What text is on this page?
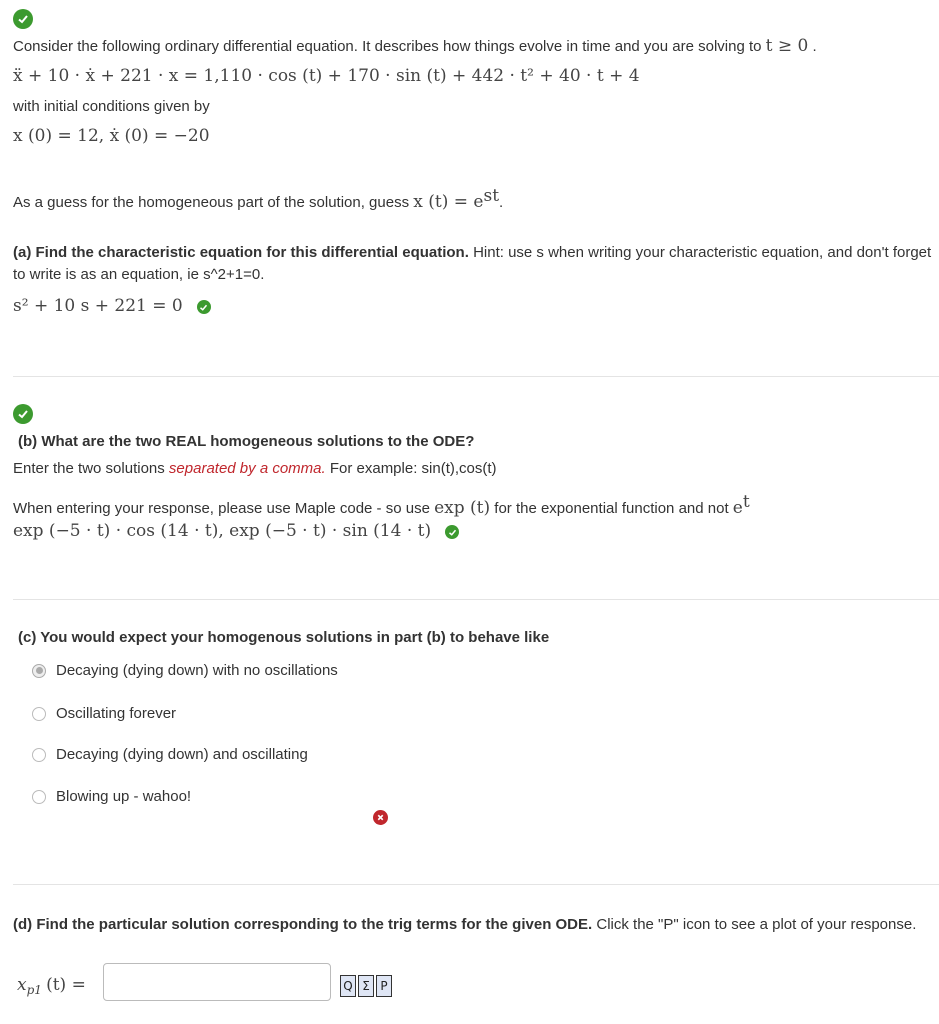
Consider the following ordinary differential equation. It describes how things evolve in time and you are solving to t ≥ 0 .
ẍ + 10 · ẋ + 221 · x = 1,110 · cos (t) + 170 · sin (t) + 442 · t² + 40 · t + 4
with initial conditions given by
x (0) = 12, ẋ (0) = −20
As a guess for the homogeneous part of the solution, guess x $(t) = e^{st}$.
(a) Find the characteristic equation for this differential equation. Hint: use s when writing your characteristic equation, and don't forget to write is as an equation, ie s^2+1=0.
s² + 10 s + 221 = 0
(b) What are the two REAL homogeneous solutions to the ODE?
Enter the two solutions separated by a comma. For example: sin(t),cos(t)
When entering your response, please use Maple code - so use exp (t) for the exponential function and not $e^t$
exp (−5 · t) · cos (14 · t), exp (−5 · t) · sin (14 · t)
(c) You would expect your homogenous solutions in part (b) to behave like
Decaying (dying down) with no oscillations
Oscillating forever
Decaying (dying down) and oscillating
Blowing up - wahoo!
(d) Find the particular solution corresponding to the trig terms for the given ODE. Click the "P" icon to see a plot of your response.
$x_{p1}$ (t) =	Q Σ P
